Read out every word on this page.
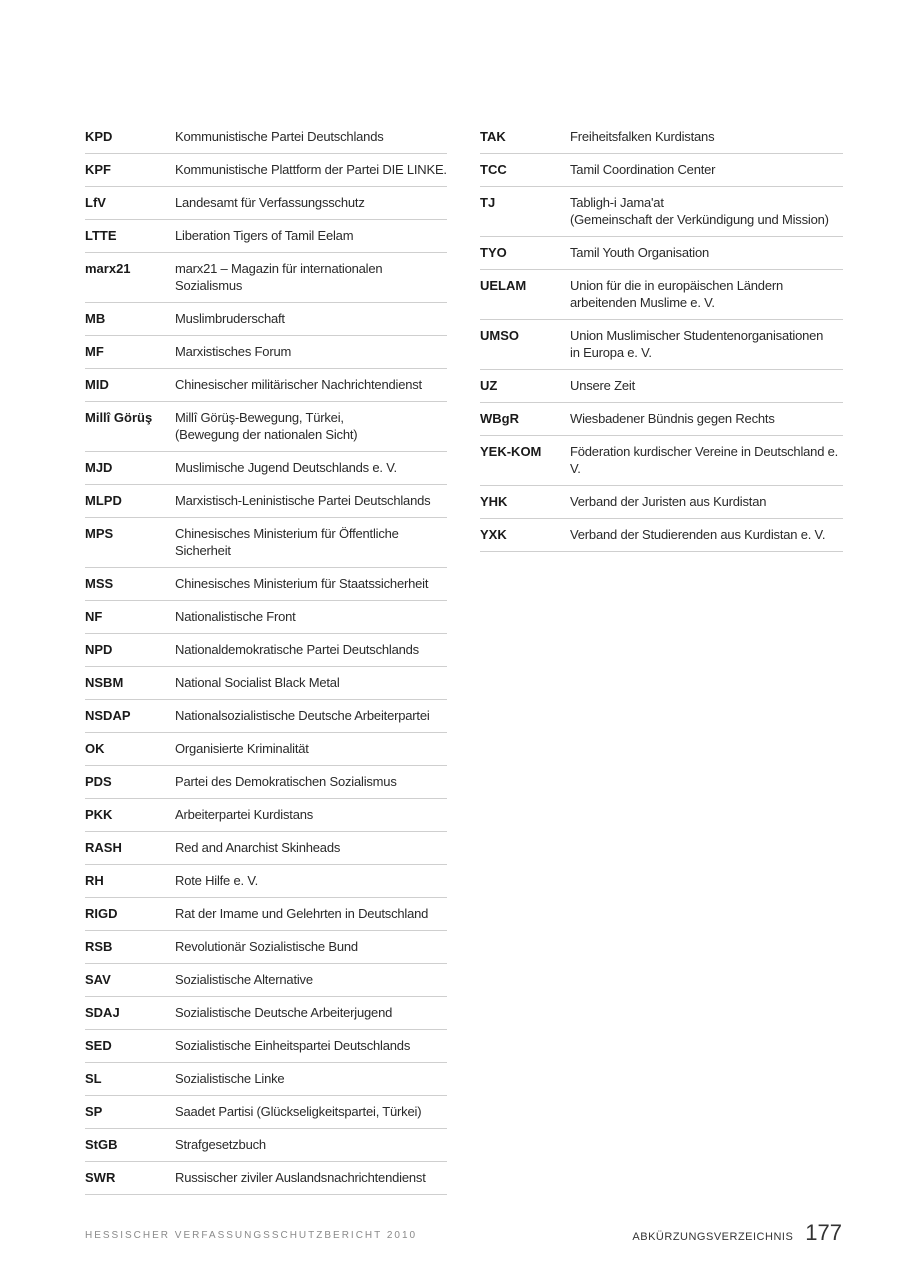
KPD	Kommunistische Partei Deutschlands
KPF	Kommunistische Plattform der Partei DIE LINKE.
LfV	Landesamt für Verfassungsschutz
LTTE	Liberation Tigers of Tamil Eelam
marx21	marx21 – Magazin für internationalen Sozialismus
MB	Muslimbruderschaft
MF	Marxistisches Forum
MID	Chinesischer militärischer Nachrichtendienst
Millî Görüş	Millî Görüş-Bewegung, Türkei,
(Bewegung der nationalen Sicht)
MJD	Muslimische Jugend Deutschlands e. V.
MLPD	Marxistisch-Leninistische Partei Deutschlands
MPS	Chinesisches Ministerium für Öffentliche Sicherheit
MSS	Chinesisches Ministerium für Staatssicherheit
NF	Nationalistische Front
NPD	Nationaldemokratische Partei Deutschlands
NSBM	National Socialist Black Metal
NSDAP	Nationalsozialistische Deutsche Arbeiterpartei
OK	Organisierte Kriminalität
PDS	Partei des Demokratischen Sozialismus
PKK	Arbeiterpartei Kurdistans
RASH	Red and Anarchist Skinheads
RH	Rote Hilfe e. V.
RIGD	Rat der Imame und Gelehrten in Deutschland
RSB	Revolutionär Sozialistische Bund
SAV	Sozialistische Alternative
SDAJ	Sozialistische Deutsche Arbeiterjugend
SED	Sozialistische Einheitspartei Deutschlands
SL	Sozialistische Linke
SP	Saadet Partisi (Glückseligkeitspartei, Türkei)
StGB	Strafgesetzbuch
SWR	Russischer ziviler Auslandsnachrichtendienst
TAK	Freiheitsfalken Kurdistans
TCC	Tamil Coordination Center
TJ	Tabligh-i Jama'at
(Gemeinschaft der Verkündigung und Mission)
TYO	Tamil Youth Organisation
UELAM	Union für die in europäischen Ländern
arbeitenden Muslime e. V.
UMSO	Union Muslimischer Studentenorganisationen
in Europa e. V.
UZ	Unsere Zeit
WBgR	Wiesbadener Bündnis gegen Rechts
YEK-KOM	Föderation kurdischer Vereine in Deutschland e. V.
YHK	Verband der Juristen aus Kurdistan
YXK	Verband der Studierenden aus Kurdistan e. V.
HESSISCHER VERFASSUNGSSCHUTZBERICHT 2010	ABKÜRZUNGSVERZEICHNIS 177
